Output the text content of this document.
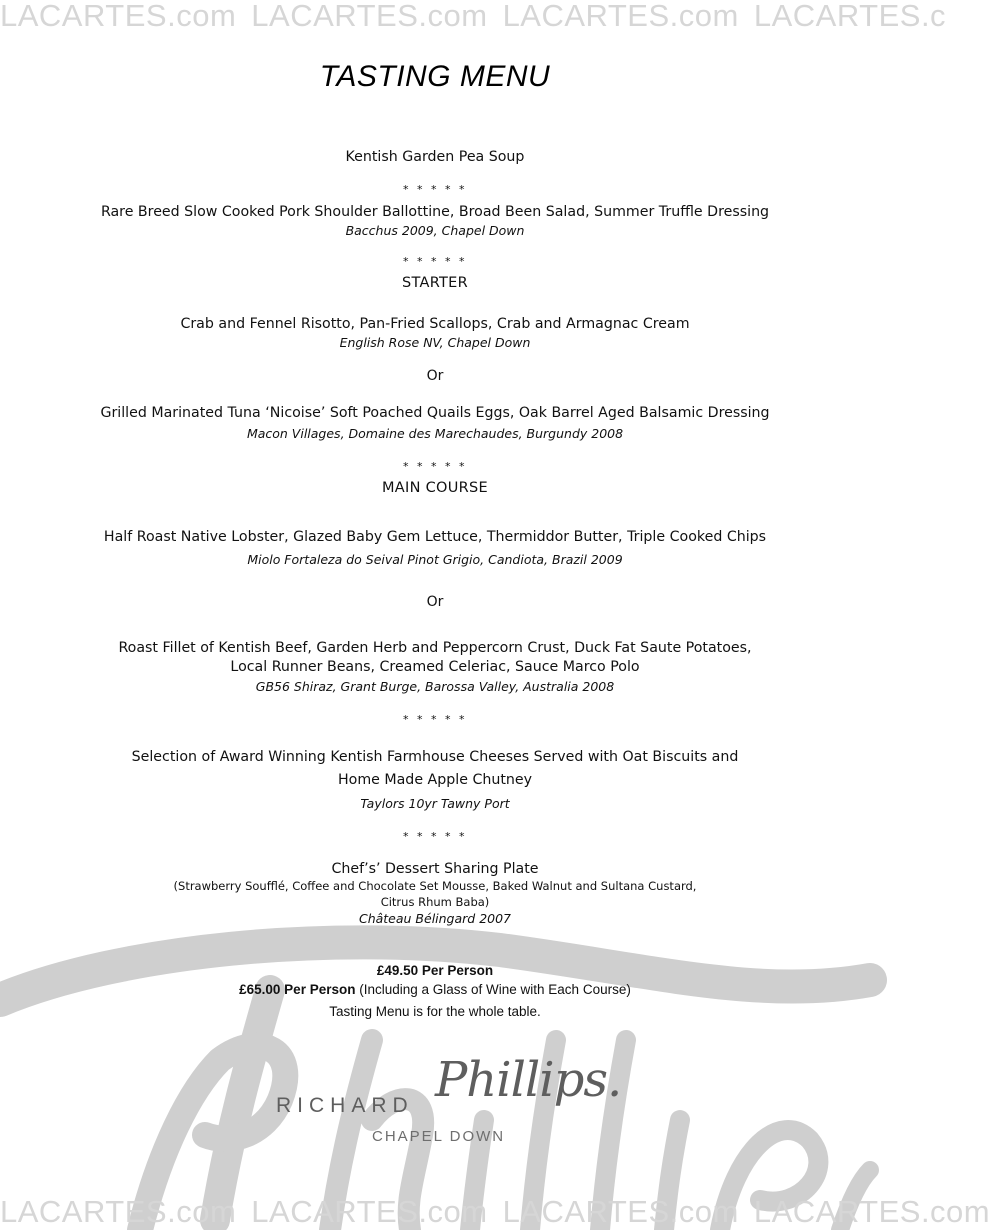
LACARTES.com LACARTES.com LACARTES.com LACARTES.c
TASTING MENU
Kentish Garden Pea Soup
* * * * *
Rare Breed Slow Cooked Pork Shoulder Ballottine, Broad Been Salad, Summer Truffle Dressing
Bacchus 2009, Chapel Down
* * * * *
STARTER
Crab and Fennel Risotto, Pan-Fried Scallops, Crab and Armagnac Cream
English Rose NV, Chapel Down
Or
Grilled Marinated Tuna ‘Nicoise’ Soft Poached Quails Eggs, Oak Barrel Aged Balsamic Dressing
Macon Villages, Domaine des Marechaudes, Burgundy 2008
* * * * *
MAIN COURSE
Half Roast Native Lobster, Glazed Baby Gem Lettuce, Thermiddor Butter, Triple Cooked Chips
Miolo Fortaleza do Seival Pinot Grigio, Candiota, Brazil 2009
Or
Roast Fillet of Kentish Beef, Garden Herb and Peppercorn Crust, Duck Fat Saute Potatoes,
Local Runner Beans, Creamed Celeriac, Sauce Marco Polo
GB56 Shiraz, Grant Burge, Barossa Valley, Australia 2008
* * * * *
Selection of Award Winning Kentish Farmhouse Cheeses Served with Oat Biscuits and
Home Made Apple Chutney
Taylors 10yr Tawny Port
* * * * *
Chef’s’ Dessert Sharing Plate
(Strawberry Soufflé, Coffee and Chocolate Set Mousse, Baked Walnut and Sultana Custard,
Citrus Rhum Baba)
Château Bélingard 2007
£49.50 Per Person
£65.00 Per Person (Including a Glass of Wine with Each Course)
Tasting Menu is for the whole table.
RICHARD Phillips.
CHAPEL DOWN
LACARTES.com LACARTES.com LACARTES.com LACARTES.com
